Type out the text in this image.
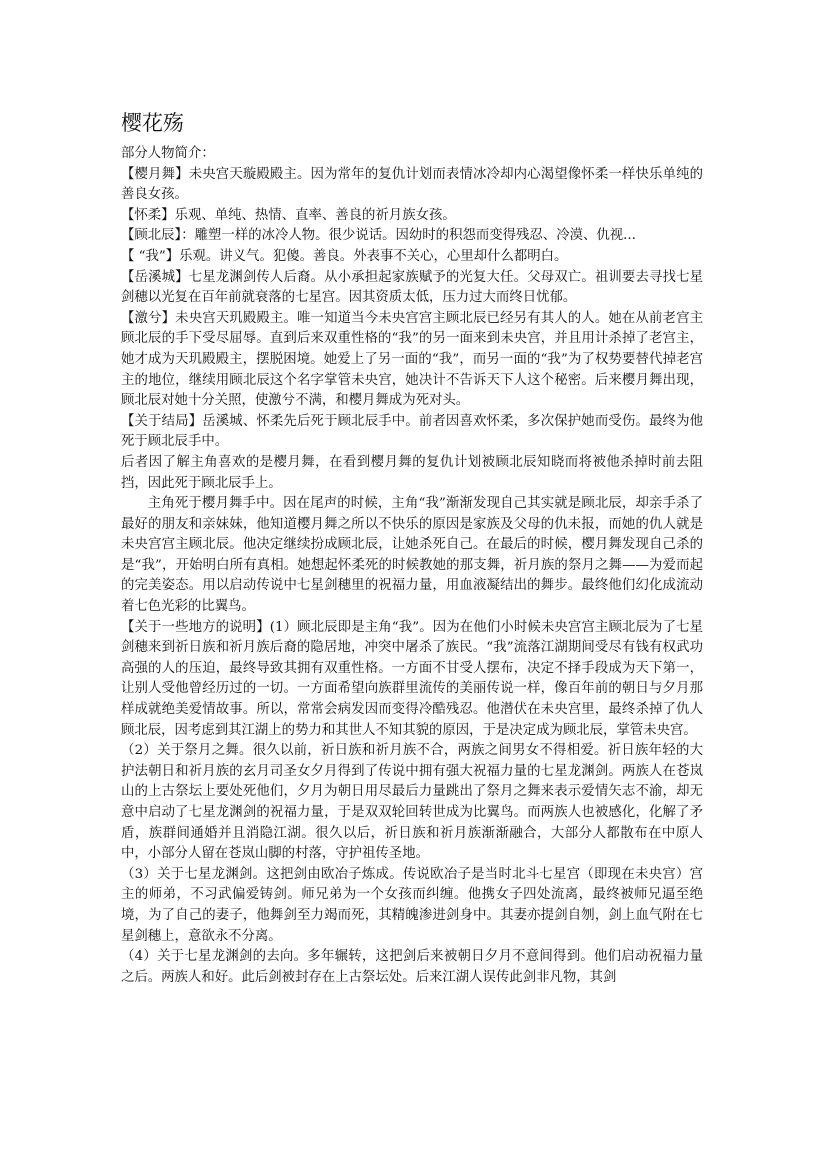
樱花殇

部分人物简介：

【樱月舞】未央宫天璇殿殿主。因为常年的复仇计划而表情冰冷却内心渴望像怀柔一样快乐单纯的善良女孩。

【怀柔】乐观、单纯、热情、直率、善良的祈月族女孩。

【顾北辰】：雕塑一样的冰冷人物。很少说话。因幼时的积怨而变得残忍、冷漠、仇视...

【 “我”】乐观。讲义气。犯傻。善良。外表事不关心，心里却什么都明白。

【岳溪城】七星龙渊剑传人后裔。从小承担起家族赋予的光复大任。父母双亡。祖训要去寻找七星剑穗以光复在百年前就衰落的七星宫。因其资质太低，压力过大而终日忧郁。

【激兮】未央宫天玑殿殿主。唯一知道当今未央宫宫主顾北辰已经另有其人的人。她在从前老宫主顾北辰的手下受尽屈辱。直到后来双重性格的“我”的另一面来到未央宫，并且用计杀掉了老宫主，她才成为天玑殿殿主，摆脱困境。她爱上了另一面的“我”，而另一面的“我”为了权势要替代掉老宫主的地位，继续用顾北辰这个名字掌管未央宫，她决计不告诉天下人这个秘密。后来樱月舞出现，顾北辰对她十分关照，使激兮不满，和樱月舞成为死对头。

【关于结局】岳溪城、怀柔先后死于顾北辰手中。前者因喜欢怀柔，多次保护她而受伤。最终为他死于顾北辰手中。

后者因了解主角喜欢的是樱月舞，在看到樱月舞的复仇计划被顾北辰知晓而将被他杀掉时前去阻挡，因此死于顾北辰手上。

主角死于樱月舞手中。因在尾声的时候，主角“我”渐渐发现自己其实就是顾北辰，却亲手杀了最好的朋友和亲妹妹，他知道樱月舞之所以不快乐的原因是家族及父母的仇未报，而她的仇人就是未央宫宫主顾北辰。他决定继续扮成顾北辰，让她杀死自己。在最后的时候，樱月舞发现自己杀的是“我”，开始明白所有真相。她想起怀柔死的时候教她的那支舞，祈月族的祭月之舞——为爱而起的完美姿态。用以启动传说中七星剑穗里的祝福力量，用血液凝结出的舞步。最终他们幻化成流动着七色光彩的比翼鸟。

【关于一些地方的说明】(1）顾北辰即是主角“我”。因为在他们小时候未央宫宫主顾北辰为了七星剑穗来到祈日族和祈月族后裔的隐居地，冲突中屠杀了族民。“我”流落江湖期间受尽有钱有权武功高强的人的压迫，最终导致其拥有双重性格。一方面不甘受人摆布，决定不择手段成为天下第一，让别人受他曾经历过的一切。一方面希望向族群里流传的美丽传说一样，像百年前的朝日与夕月那样成就绝美爱情故事。所以，常常会病发因而变得冷酷残忍。他潜伏在未央宫里，最终杀掉了仇人顾北辰，因考虑到其江湖上的势力和其世人不知其貌的原因，于是决定成为顾北辰，掌管未央宫。

（2）关于祭月之舞。很久以前，祈日族和祈月族不合，两族之间男女不得相爱。祈日族年轻的大护法朝日和祈月族的玄月司圣女夕月得到了传说中拥有强大祝福力量的七星龙渊剑。两族人在苍岚山的上古祭坛上要处死他们，夕月为朝日用尽最后力量跳出了祭月之舞来表示爱情矢志不渝，却无意中启动了七星龙渊剑的祝福力量，于是双双轮回转世成为比翼鸟。而两族人也被感化，化解了矛盾，族群间通婚并且消隐江湖。很久以后，祈日族和祈月族渐渐融合，大部分人都散布在中原人中，小部分人留在苍岚山脚的村落，守护祖传圣地。

（3）关于七星龙渊剑。这把剑由欧冶子炼成。传说欧冶子是当时北斗七星宫（即现在未央宫）宫主的师弟，不习武偏爱铸剑。师兄弟为一个女孩而纠缠。他携女子四处流离，最终被师兄逼至绝境，为了自己的妻子，他舞剑至力竭而死，其精魄渗进剑身中。其妻亦提剑自刎，剑上血气附在七星剑穗上，意欲永不分离。

（4）关于七星龙渊剑的去向。多年辗转，这把剑后来被朝日夕月不意间得到。他们启动祝福力量之后。两族人和好。此后剑被封存在上古祭坛处。后来江湖人误传此剑非凡物，其剑
